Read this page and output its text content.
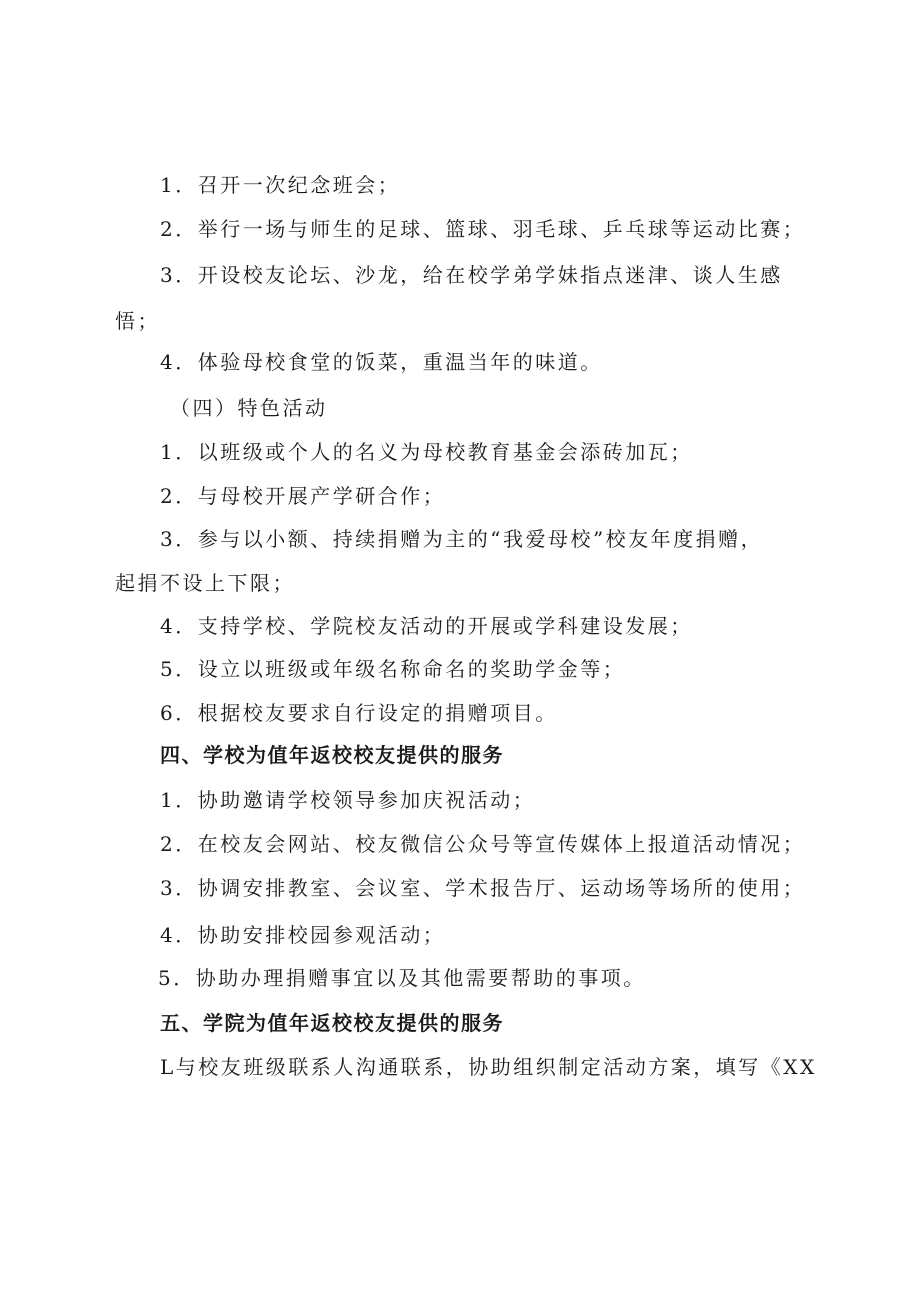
1．召开一次纪念班会；
2．举行一场与师生的足球、篮球、羽毛球、乒乓球等运动比赛；
3．开设校友论坛、沙龙，给在校学弟学妹指点迷津、谈人生感
悟；
4．体验母校食堂的饭菜，重温当年的味道。
（四）特色活动
1．以班级或个人的名义为母校教育基金会添砖加瓦；
2．与母校开展产学研合作；
3．参与以小额、持续捐赠为主的“我爱母校”校友年度捐赠，
起捐不设上下限；
4．支持学校、学院校友活动的开展或学科建设发展；
5．设立以班级或年级名称命名的奖助学金等；
6．根据校友要求自行设定的捐赠项目。
四、学校为值年返校校友提供的服务
1．协助邀请学校领导参加庆祝活动；
2．在校友会网站、校友微信公众号等宣传媒体上报道活动情况；
3．协调安排教室、会议室、学术报告厅、运动场等场所的使用；
4．协助安排校园参观活动；
5．协助办理捐赠事宜以及其他需要帮助的事项。
五、学院为值年返校校友提供的服务
L与校友班级联系人沟通联系，协助组织制定活动方案，填写《XX
